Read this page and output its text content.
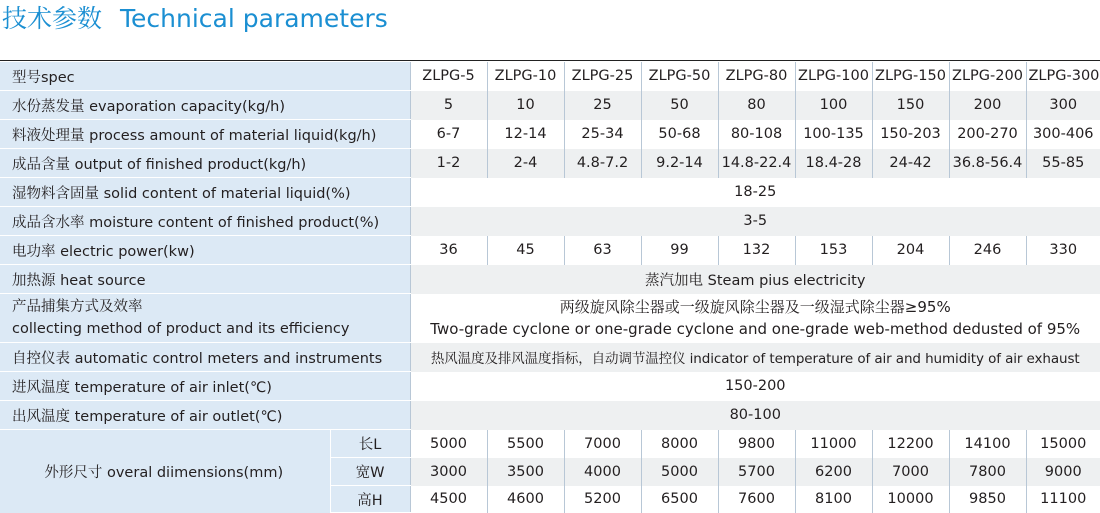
技术参数 Technical parameters
型号spec		ZLPG-5	ZLPG-10	ZLPG-25	ZLPG-50	ZLPG-80	ZLPG-100	ZLPG-150	ZLPG-200	ZLPG-300
水份蒸发量 evaporation capacity(kg/h)		5	10	25	50	80	100	150	200	300
料液处理量 process amount of material liquid(kg/h)		6-7	12-14	25-34	50-68	80-108	100-135	150-203	200-270	300-406
成品含量 output of finished product(kg/h)		1-2	2-4	4.8-7.2	9.2-14	14.8-22.4	18.4-28	24-42	36.8-56.4	55-85
湿物料含固量 solid content of material liquid(%)		18-25								
成品含水率 moisture content of finished product(%)		3-5								
电功率 electric power(kw)		36	45	63	99	132	153	204	246	330
加热源 heat source		蒸汽加电 Steam pius electricity								

产品捕集方式及效率
collecting method of product and its efficiency		两级旋风除尘器或一级旋风除尘器及一级湿式除尘器≥95%
Two-grade cyclone or one-grade cyclone and one-grade web-method dedusted of 95%								

自控仪表 automatic control meters and instruments		热风温度及排风温度指标，自动调节温控仪 indicator of temperature of air and humidity of air exhaust								
进风温度 temperature of air inlet(℃)		150-200								
出风温度 temperature of air outlet(℃)		80-100								
外形尺寸 overal diimensions(mm)	长L	5000	5500	7000	8000	9800	11000	12200	14100	15000
	宽W	3000	3500	4000	5000	5700	6200	7000	7800	9000
	高H	4500	4600	5200	6500	7600	8100	10000	9850	11100
